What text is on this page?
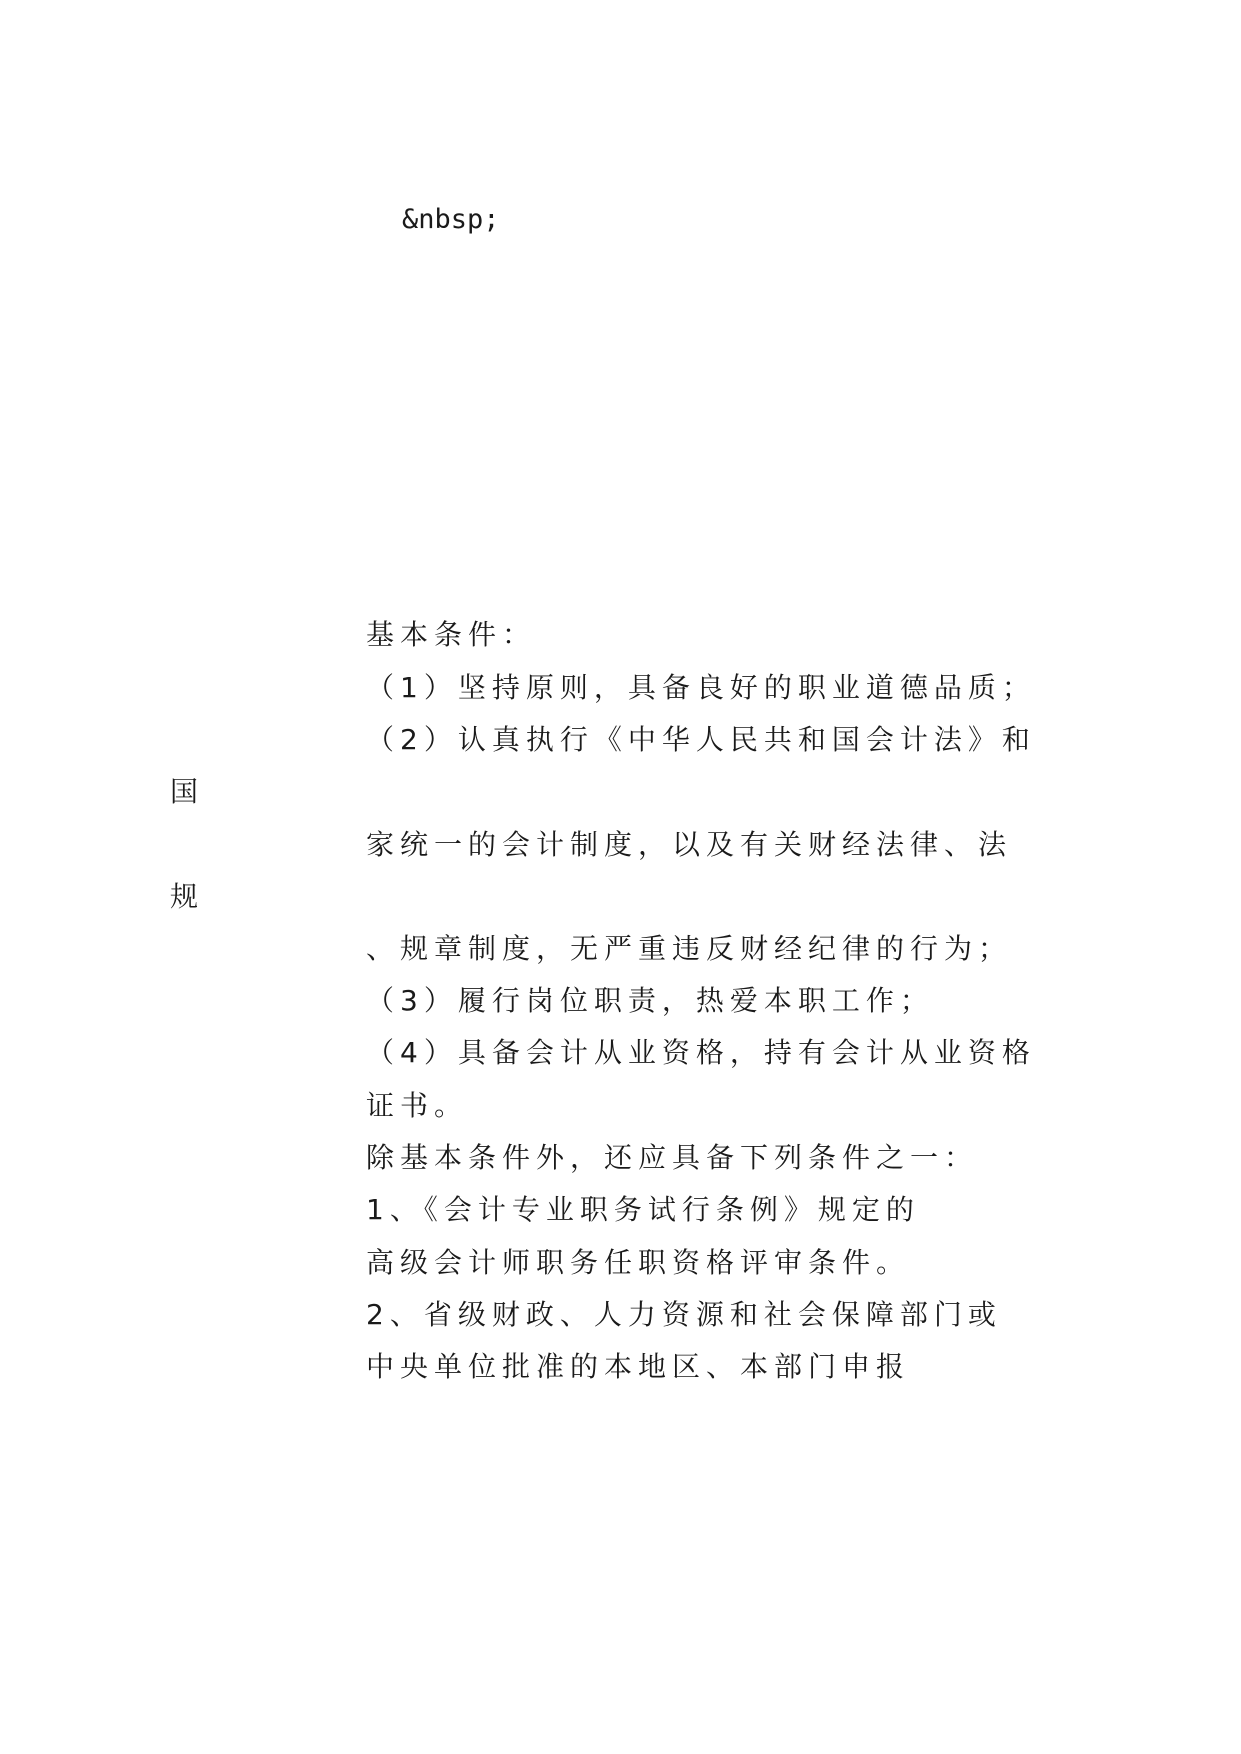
&nbsp;
基本条件：
（1）坚持原则，具备良好的职业道德品质；
（2）认真执行《中华人民共和国会计法》和
国
家统一的会计制度，以及有关财经法律、法
规
、规章制度，无严重违反财经纪律的行为；
（3）履行岗位职责，热爱本职工作；
（4）具备会计从业资格，持有会计从业资格
证书。
除基本条件外，还应具备下列条件之一：
1、《会计专业职务试行条例》规定的
高级会计师职务任职资格评审条件。
2、省级财政、人力资源和社会保障部门或
中央单位批准的本地区、本部门申报
